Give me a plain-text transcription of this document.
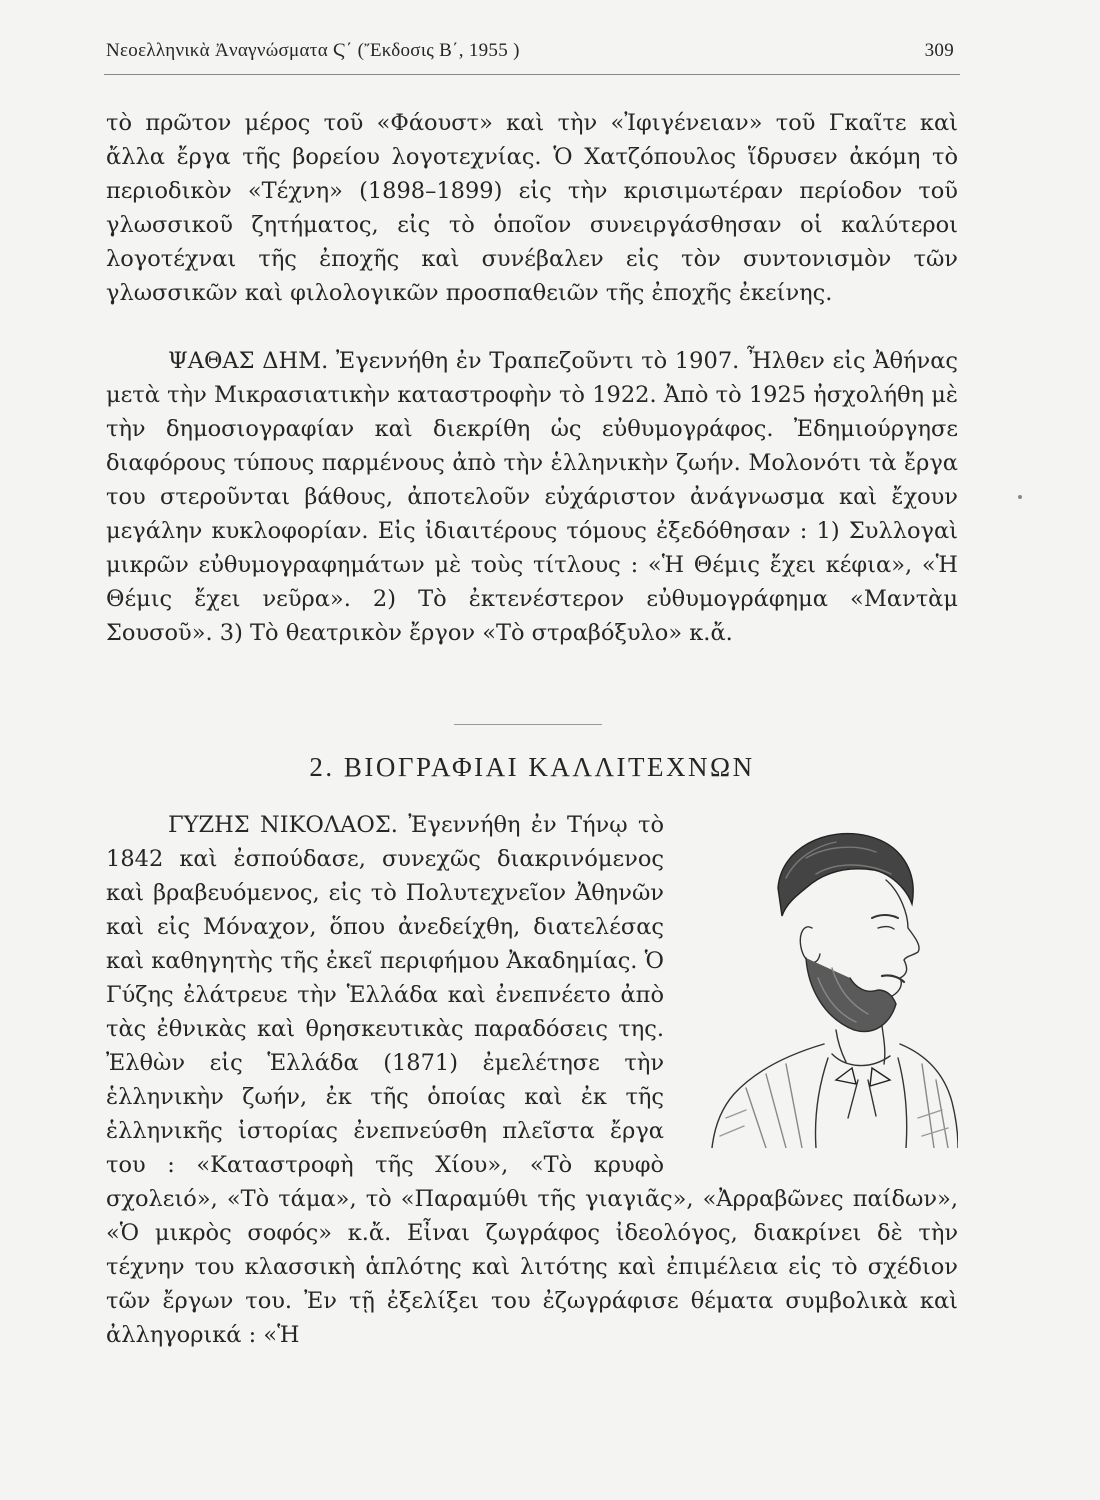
Νεοελληνικὰ Ἀναγνώσματα Ϛ΄ (Ἔκδοσις Β΄, 1955 )	309

τὸ πρῶτον μέρος τοῦ «Φάουστ» καὶ τὴν «Ἰφιγένειαν» τοῦ Γκαῖτε καὶ ἄλλα ἔργα τῆς βορείου λογοτεχνίας. Ὁ Χατζόπουλος ἵδρυσεν ἀκόμη τὸ περιοδικὸν «Τέχνη» (1898–1899) εἰς τὴν κρισιμωτέραν περίοδον τοῦ γλωσσικοῦ ζητήματος, εἰς τὸ ὁποῖον συνειργάσθησαν οἱ καλύτεροι λογοτέχναι τῆς ἐποχῆς καὶ συνέβαλεν εἰς τὸν συντονισμὸν τῶν γλωσσικῶν καὶ φιλολογικῶν προσπαθειῶν τῆς ἐποχῆς ἐκείνης.

ΨΑΘΑΣ ΔΗΜ. Ἐγεννήθη ἐν Τραπεζοῦντι τὸ 1907. Ἦλθεν εἰς Ἀθήνας μετὰ τὴν Μικρασιατικὴν καταστροφὴν τὸ 1922. Ἀπὸ τὸ 1925 ἠσχολήθη μὲ τὴν δημοσιογραφίαν καὶ διεκρίθη ὡς εὐθυμογράφος. Ἐδημιούργησε διαφόρους τύπους παρμένους ἀπὸ τὴν ἑλληνικὴν ζωήν. Μολονότι τὰ ἔργα του στεροῦνται βάθους, ἀποτελοῦν εὐχάριστον ἀνάγνωσμα καὶ ἔχουν μεγάλην κυκλοφορίαν. Εἰς ἰδιαιτέρους τόμους ἐξεδόθησαν : 1) Συλλογαὶ μικρῶν εὐθυμογραφημάτων μὲ τοὺς τίτλους : «Ἡ Θέμις ἔχει κέφια», «Ἡ Θέμις ἔχει νεῦρα». 2) Τὸ ἐκτενέστερον εὐθυμογράφημα «Μαντὰμ Σουσοῦ». 3) Τὸ θεατρικὸν ἔργον «Τὸ στραβόξυλο» κ.ἄ.

2. ΒΙΟΓΡΑΦΙΑΙ ΚΑΛΛΙΤΕΧΝΩΝ

ΓΥΖΗΣ ΝΙΚΟΛΑΟΣ. Ἐγεννήθη ἐν Τήνῳ τὸ 1842 καὶ ἐσπούδασε, συνεχῶς διακρινόμενος καὶ βραβευόμενος, εἰς τὸ Πολυτεχνεῖον Ἀθηνῶν καὶ εἰς Μόναχον, ὅπου ἀνεδείχθη, διατελέσας καὶ καθηγητὴς τῆς ἐκεῖ περιφήμου Ἀκαδημίας. Ὁ Γύζης ἐλάτρευε τὴν Ἑλλάδα καὶ ἐνεπνέετο ἀπὸ τὰς ἐθνικὰς καὶ θρησκευτικὰς παραδόσεις της. Ἐλθὼν εἰς Ἑλλάδα (1871) ἐμελέτησε τὴν ἑλληνικὴν ζωήν, ἐκ τῆς ὁποίας καὶ ἐκ τῆς ἑλληνικῆς ἱστορίας ἐνεπνεύσθη πλεῖστα ἔργα του : «Καταστροφὴ τῆς Χίου», «Τὸ κρυφὸ σχολειό», «Τὸ τάμα», τὸ «Παραμύθι τῆς γιαγιᾶς», «Ἀρραβῶνες παίδων», «Ὁ μικρὸς σοφός» κ.ἄ. Εἶναι ζωγράφος ἰδεολόγος, διακρίνει δὲ τὴν τέχνην του κλασσικὴ ἁπλότης καὶ λιτότης καὶ ἐπιμέλεια εἰς τὸ σχέδιον τῶν ἔργων του. Ἐν τῇ ἐξελίξει του ἐζωγράφισε θέματα συμβολικὰ καὶ ἀλληγορικά : «Ἡ
